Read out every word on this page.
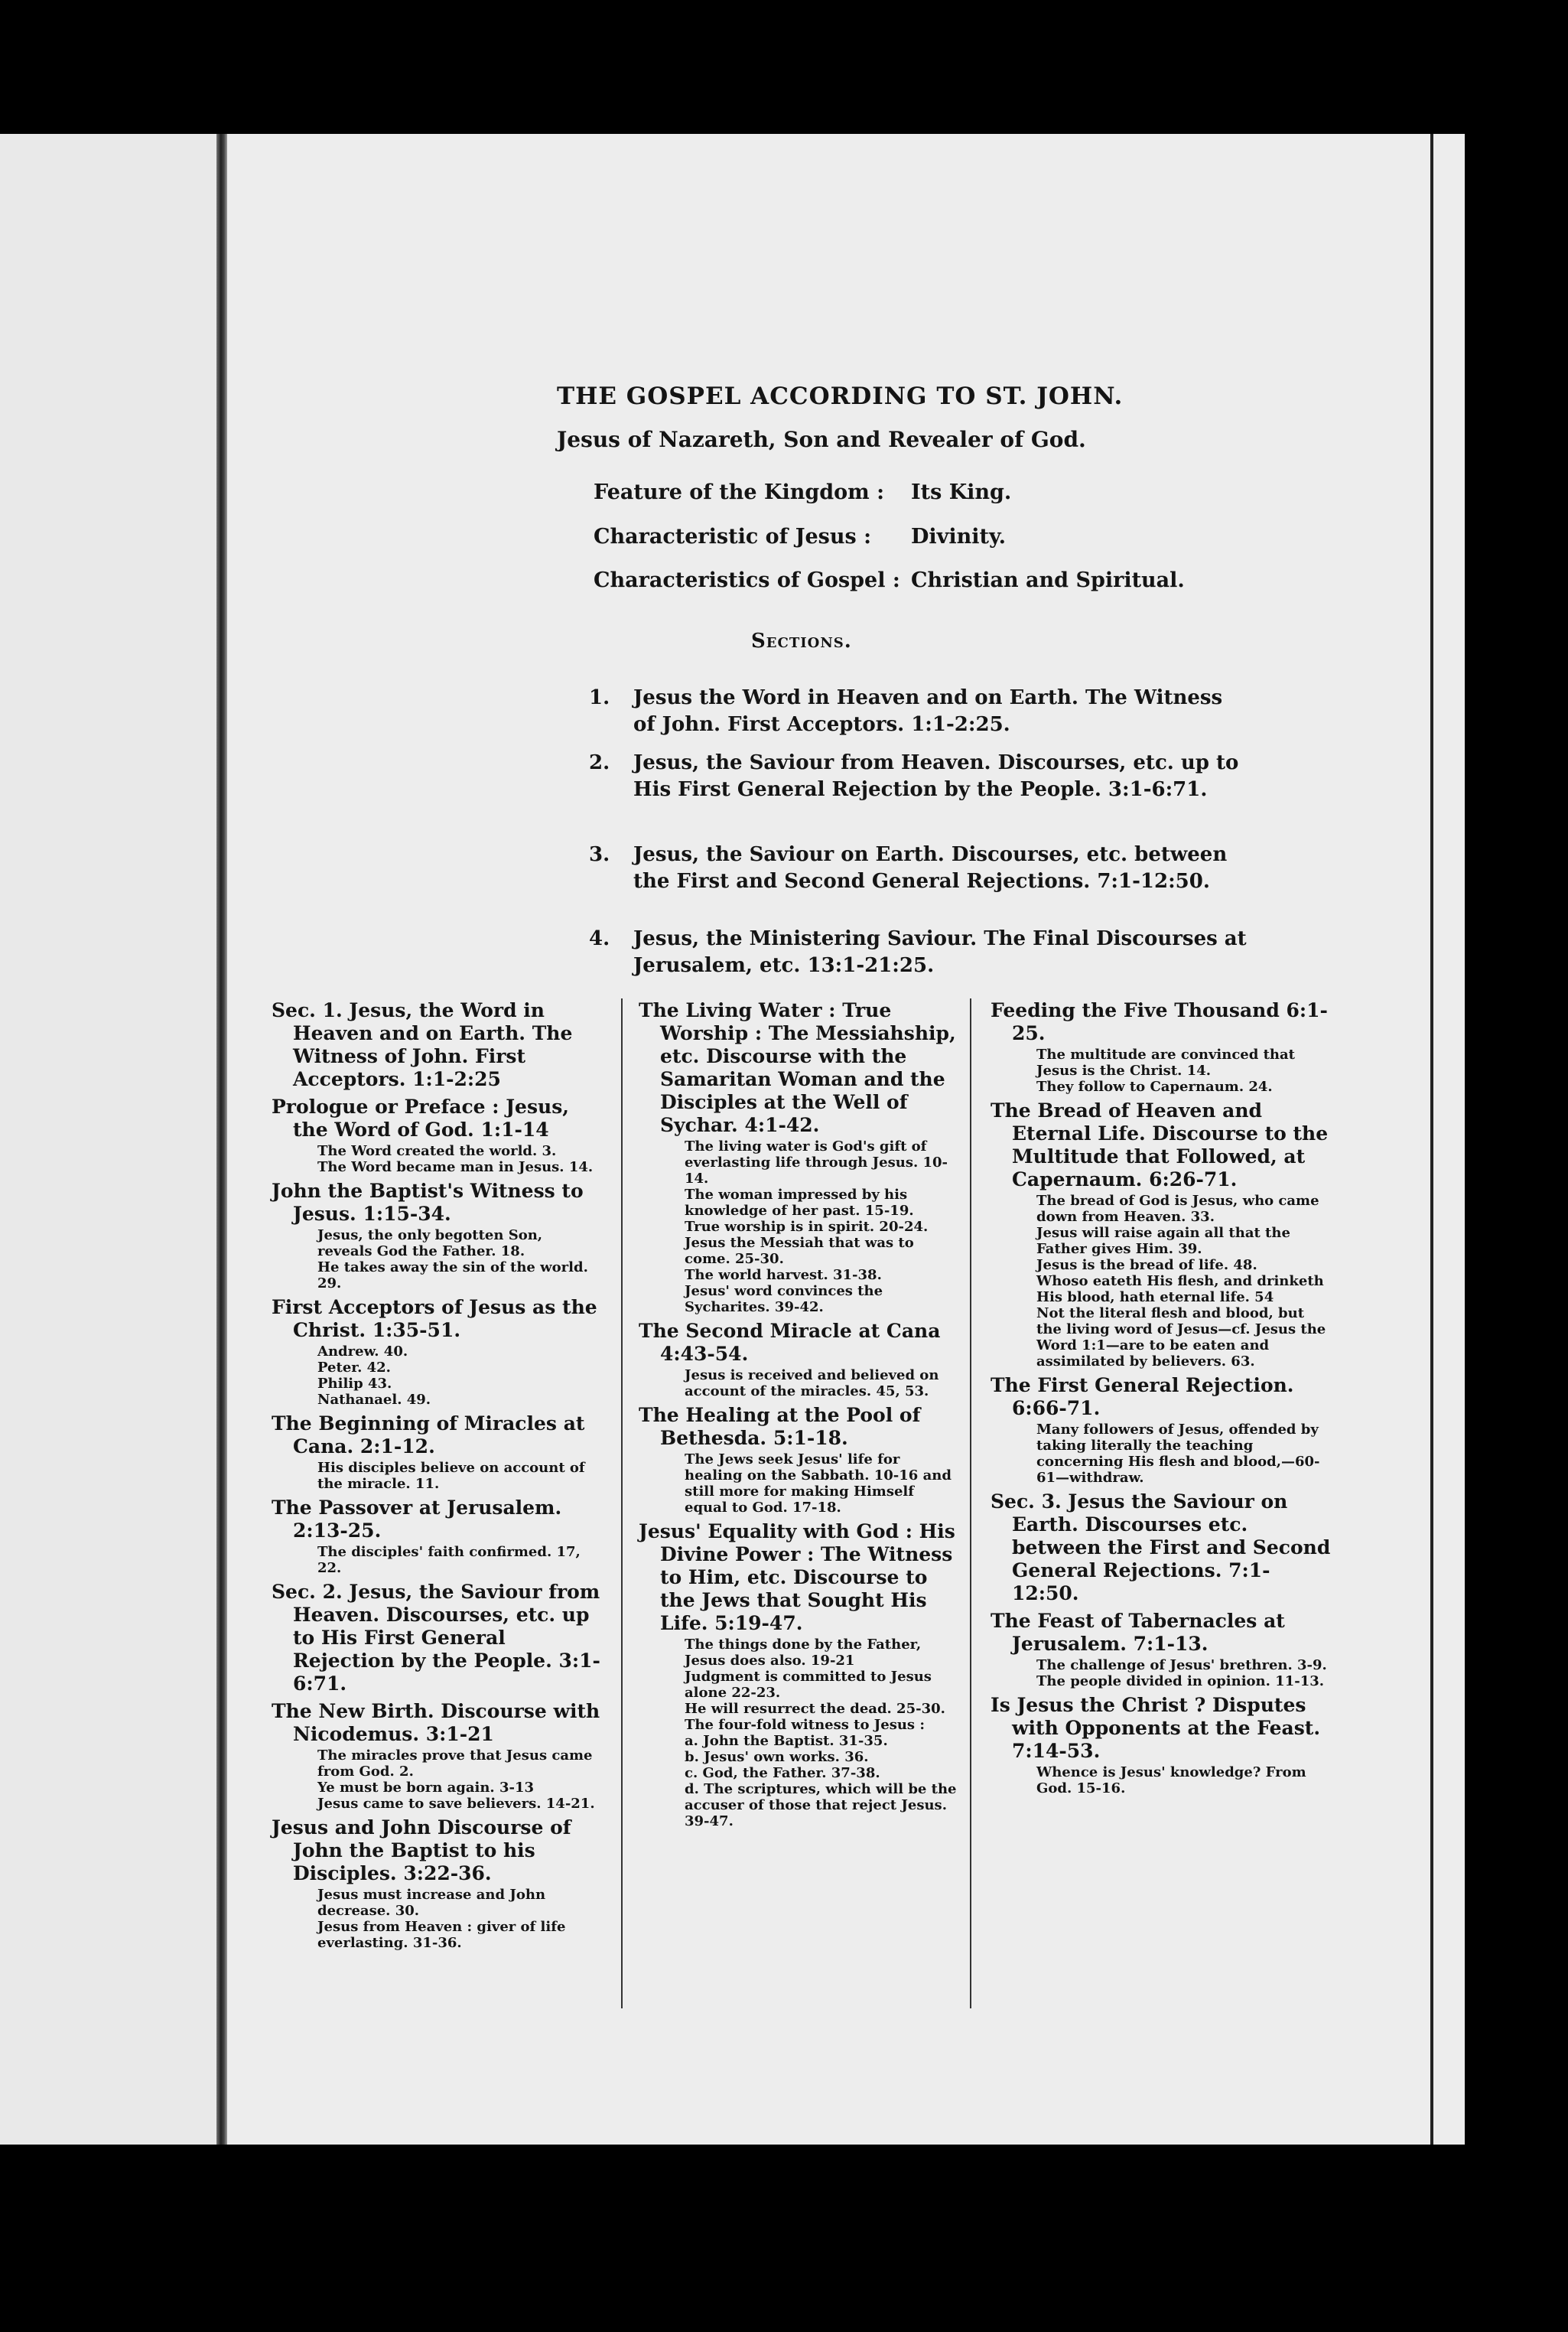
THE GOSPEL ACCORDING TO ST. JOHN.
Jesus of Nazareth, Son and Revealer of God.
Feature of the Kingdom : Its King.
Characteristic of Jesus : Divinity.
Characteristics of Gospel : Christian and Spiritual.
Sections.
1. Jesus the Word in Heaven and on Earth. The Witness of John. First Acceptors. 1:1-2:25.
2. Jesus, the Saviour from Heaven. Discourses, etc. up to His First General Rejection by the People. 3:1-6:71.
3. Jesus, the Saviour on Earth. Discourses, etc. between the First and Second General Rejections. 7:1-12:50.
4. Jesus, the Ministering Saviour. The Final Discourses at Jerusalem, etc. 13:1-21:25.
Sec. 1. Jesus, the Word in Heaven and on Earth. The Witness of John. First Acceptors. 1:1-2:25
Prologue or Preface : Jesus, the Word of God. 1:1-14
The Word created the world. 3.
The Word became man in Jesus. 14.
John the Baptist's Witness to Jesus. 1:15-34.
Jesus, the only begotten Son, reveals God the Father. 18.
He takes away the sin of the world. 29.
First Acceptors of Jesus as the Christ. 1:35-51.
Andrew. 40.
Peter. 42.
Philip 43.
Nathanael. 49.
The Beginning of Miracles at Cana. 2:1-12.
His disciples believe on account of the miracle. 11.
The Passover at Jerusalem. 2:13-25.
The disciples' faith confirmed. 17, 22.
Sec. 2. Jesus, the Saviour from Heaven. Discourses, etc. up to His First General Rejection by the People. 3:1-6:71.
The New Birth. Discourse with Nicodemus. 3:1-21
The miracles prove that Jesus came from God. 2.
Ye must be born again. 3-13
Jesus came to save believers. 14-21.
Jesus and John Discourse of John the Baptist to his Disciples. 3:22-36.
Jesus must increase and John decrease. 30.
Jesus from Heaven : giver of life everlasting. 31-36.
The Living Water : True Worship : The Messiahship, etc. Discourse with the Samaritan Woman and the Disciples at the Well of Sychar. 4:1-42.
The living water is God's gift of everlasting life through Jesus. 10-14.
The woman impressed by his knowledge of her past. 15-19.
True worship is in spirit. 20-24.
Jesus the Messiah that was to come. 25-30.
The world harvest. 31-38.
Jesus' word convinces the Sycharites. 39-42.
The Second Miracle at Cana 4:43-54.
Jesus is received and believed on account of the miracles. 45, 53.
The Healing at the Pool of Bethesda. 5:1-18.
The Jews seek Jesus' life for healing on the Sabbath. 10-16 and still more for making Himself equal to God. 17-18.
Jesus' Equality with God : His Divine Power : The Witness to Him, etc. Discourse to the Jews that Sought His Life. 5:19-47.
The things done by the Father, Jesus does also. 19-21
Judgment is committed to Jesus alone 22-23.
He will resurrect the dead. 25-30.
The four-fold witness to Jesus :
a. John the Baptist. 31-35.
b. Jesus' own works. 36.
c. God, the Father. 37-38.
d. The scriptures, which will be the accuser of those that reject Jesus. 39-47.
Feeding the Five Thousand 6:1-25.
The multitude are convinced that Jesus is the Christ. 14.
They follow to Capernaum. 24.
The Bread of Heaven and Eternal Life. Discourse to the Multitude that Followed, at Capernaum. 6:26-71.
The bread of God is Jesus, who came down from Heaven. 33.
Jesus will raise again all that the Father gives Him. 39.
Jesus is the bread of life. 48.
Whoso eateth His flesh, and drinketh His blood, hath eternal life. 54
Not the literal flesh and blood, but the living word of Jesus—cf. Jesus the Word 1:1—are to be eaten and assimilated by believers. 63.
The First General Rejection. 6:66-71.
Many followers of Jesus, offended by taking literally the teaching concerning His flesh and blood,—60-61—withdraw.
Sec. 3. Jesus the Saviour on Earth. Discourses etc. between the First and Second General Rejections. 7:1-12:50.
The Feast of Tabernacles at Jerusalem. 7:1-13.
The challenge of Jesus' brethren. 3-9.
The people divided in opinion. 11-13.
Is Jesus the Christ ? Disputes with Opponents at the Feast. 7:14-53.
Whence is Jesus' knowledge? From God. 15-16.
